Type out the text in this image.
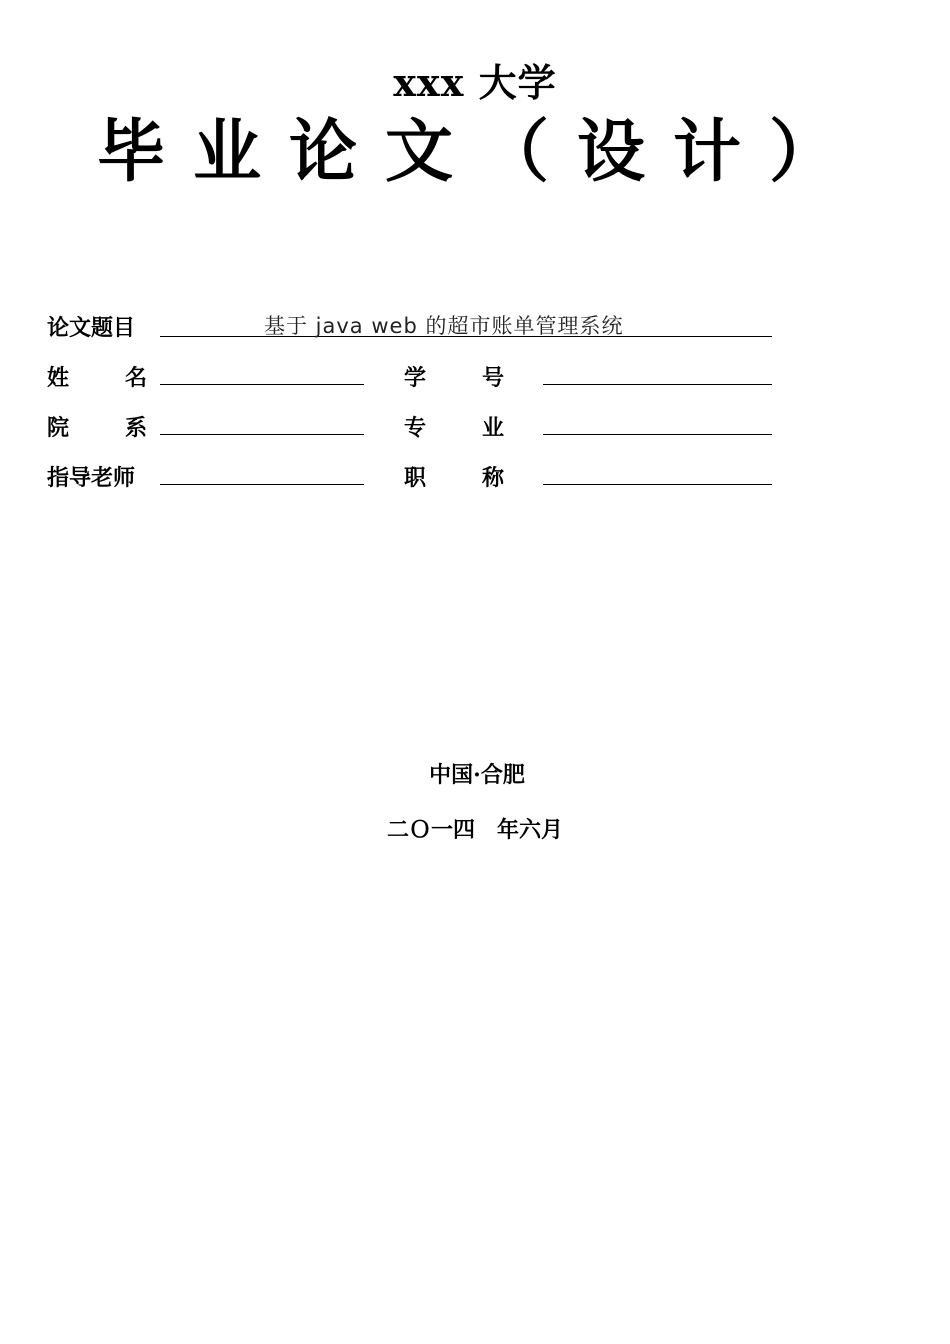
xxx 大学
毕业论文（设计）
论文题目	基于 java web 的超市账单管理系统
姓　　名	学　　号
院　　系	专　　业
指导老师	职　　称
中国·合肥
二Ｏ一四　年六月
